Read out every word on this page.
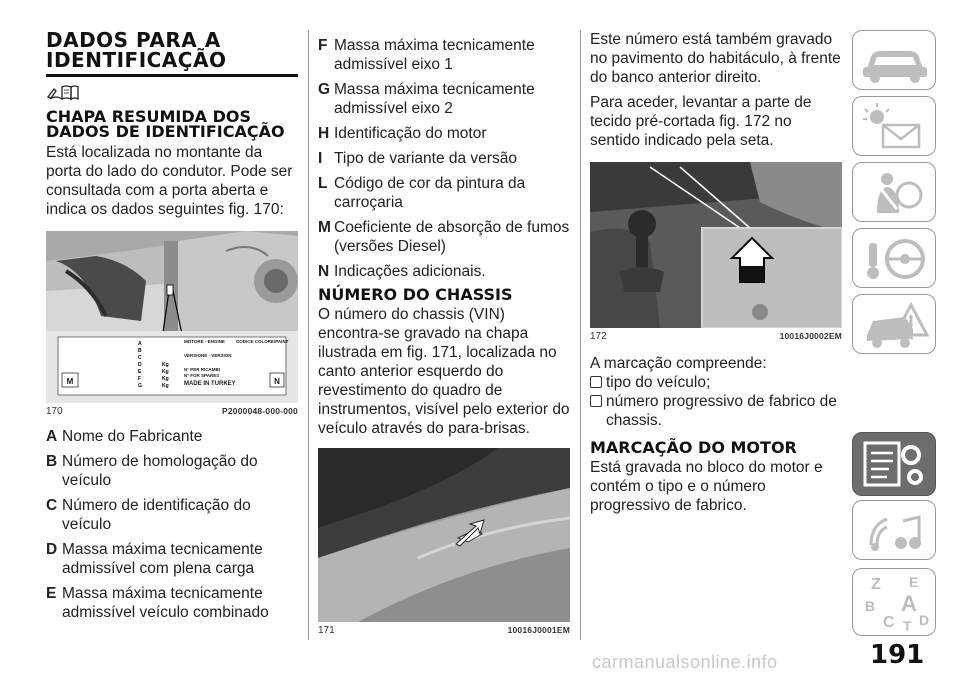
DADOS PARA A IDENTIFICAÇÃO
CHAPA RESUMIDA DOS DADOS DE IDENTIFICAÇÃO

Está localizada no montante da porta do lado do condutor. Pode ser consultada com a porta aberta e indica os dados seguintes fig. 170:

A
B
C
D	Kg
E	Kg
F	Kg
G	Kg
M	N
MOTORE - ENGINE CODICE COLORE/PAINT
VERSIONE - VERSION
N° PER RICAMBI
N° FOR SPARES
MADE IN TURKEY
170	P2000048-000-000
A Nome do Fabricante
B Número de homologação do veículo
C Número de identificação do veículo
D Massa máxima tecnicamente admissível com plena carga
E Massa máxima tecnicamente admissível veículo combinado
F Massa máxima tecnicamente admissível eixo 1
G Massa máxima tecnicamente admissível eixo 2
H Identificação do motor
I Tipo de variante da versão
L Código de cor da pintura da carroçaria
M Coeficiente de absorção de fumos (versões Diesel)
N Indicações adicionais.
NÚMERO DO CHASSIS

O número do chassis (VIN) encontra-se gravado na chapa ilustrada em fig. 171, localizada no canto anterior esquerdo do revestimento do quadro de instrumentos, visível pelo exterior do veículo através do para-brisas.

171	10016J0001EM

Este número está também gravado no pavimento do habitáculo, à frente do banco anterior direito.

Para aceder, levantar a parte de tecido pré-cortada fig. 172 no sentido indicado pela seta.

172	10016J0002EM

A marcação compreende:

tipo do veículo;
número progressivo de fabrico de chassis.
MARCAÇÃO DO MOTOR

Está gravada no bloco do motor e contém o tipo e o número progressivo de fabrico.

Z E
B A
C T D
191
carmanualsonline.info
